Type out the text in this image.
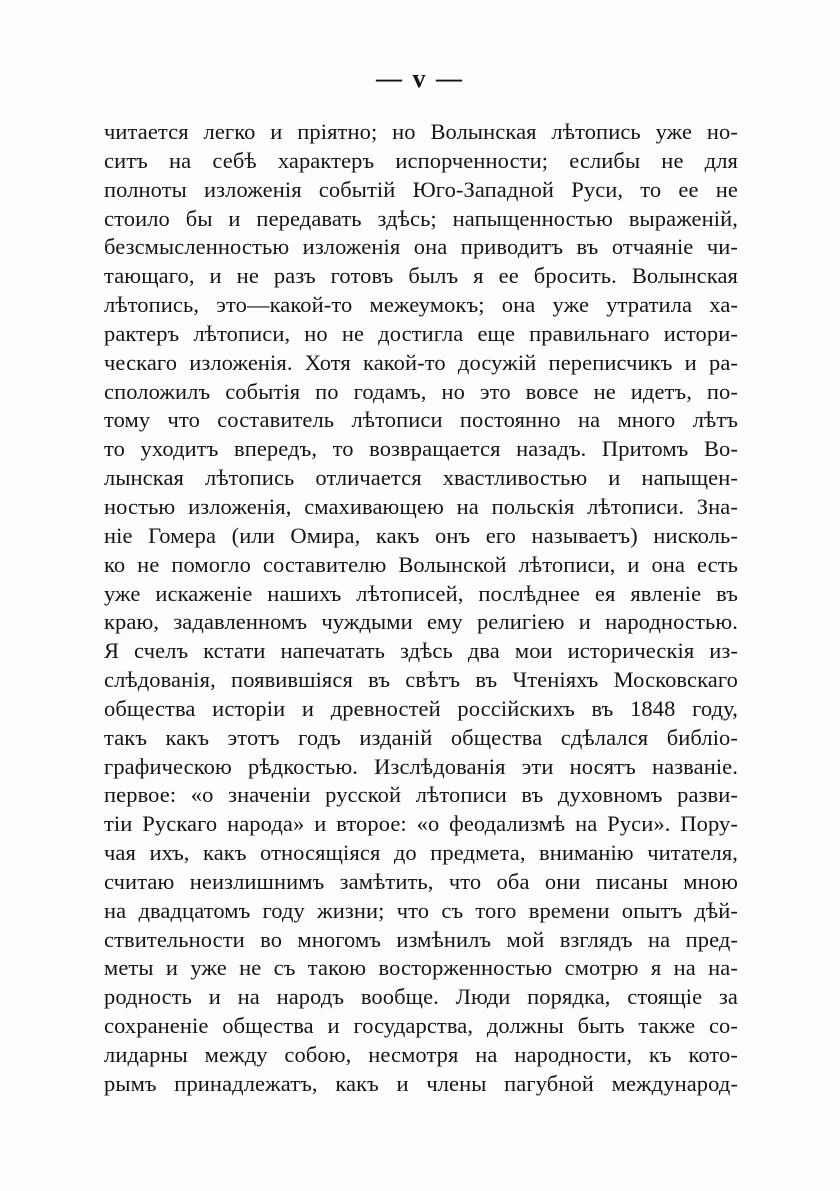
— v —
читается легко и пріятно; но Волынская лѣтопись уже но-
ситъ на себѣ характеръ испорченности; еслибы не для
полноты изложенія событій Юго-Западной Руси, то ее не
стоило бы и передавать здѣсь; напыщенностью выраженій,
безсмысленностью изложенія она приводитъ въ отчаяніе чи-
тающаго, и не разъ готовъ былъ я ее бросить. Волынская
лѣтопись, это—какой-то межеумокъ; она уже утратила ха-
рактеръ лѣтописи, но не достигла еще правильнаго истори-
ческаго изложенія. Хотя какой-то досужій переписчикъ и ра-
сположилъ событія по годамъ, но это вовсе не идетъ, по-
тому что составитель лѣтописи постоянно на много лѣтъ
то уходитъ впередъ, то возвращается назадъ. Притомъ Во-
лынская лѣтопись отличается хвастливостью и напыщен-
ностью изложенія, смахивающею на польскія лѣтописи. Зна-
ніе Гомера (или Омира, какъ онъ его называетъ) нисколь-
ко не помогло составителю Волынской лѣтописи, и она есть
уже искаженіе нашихъ лѣтописей, послѣднее ея явленіе въ
краю, задавленномъ чуждыми ему религіею и народностью.
Я счелъ кстати напечатать здѣсь два мои историческія из-
слѣдованія, появившіяся въ свѣтъ въ Чтеніяхъ Московскаго
общества исторіи и древностей россійскихъ въ 1848 году,
такъ какъ этотъ годъ изданій общества сдѣлался библіо-
графическою рѣдкостью. Изслѣдованія эти носятъ названіе.
первое: «о значеніи русской лѣтописи въ духовномъ разви-
тіи Рускаго народа» и второе: «о феодализмѣ на Руси». Пору-
чая ихъ, какъ относящіяся до предмета, вниманію читателя,
считаю неизлишнимъ замѣтить, что оба они писаны мною
на двадцатомъ году жизни; что съ того времени опытъ дѣй-
ствительности во многомъ измѣнилъ мой взглядъ на пред-
меты и уже не съ такою восторженностью смотрю я на на-
родность и на народъ вообще. Люди порядка, стоящіе за
сохраненіе общества и государства, должны быть также со-
лидарны между собою, несмотря на народности, къ кото-
рымъ принадлежатъ, какъ и члены пагубной международ-
